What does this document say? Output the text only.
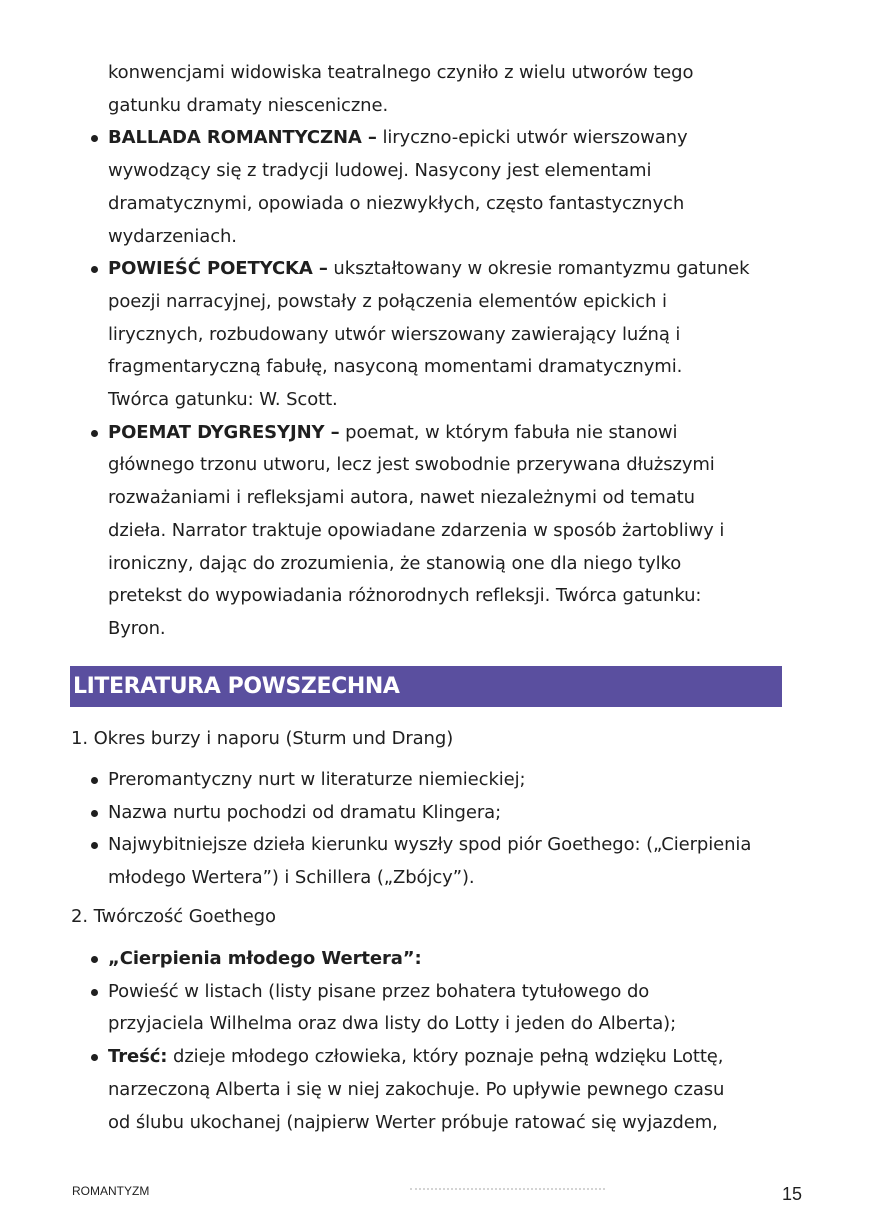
konwencjami widowiska teatralnego czyniło z wielu utworów tego
gatunku dramaty niesceniczne.
BALLADA ROMANTYCZNA – liryczno-epicki utwór wierszowany
wywodzący się z tradycji ludowej. Nasycony jest elementami
dramatycznymi, opowiada o niezwykłych, często fantastycznych
wydarzeniach.
POWIEŚĆ POETYCKA – ukształtowany w okresie romantyzmu gatunek
poezji narracyjnej, powstały z połączenia elementów epickich i
lirycznych, rozbudowany utwór wierszowany zawierający luźną i
fragmentaryczną fabułę, nasyconą momentami dramatycznymi.
Twórca gatunku: W. Scott.
POEMAT DYGRESYJNY – poemat, w którym fabuła nie stanowi
głównego trzonu utworu, lecz jest swobodnie przerywana dłuższymi
rozważaniami i refleksjami autora, nawet niezależnymi od tematu
dzieła. Narrator traktuje opowiadane zdarzenia w sposób żartobliwy i
ironiczny, dając do zrozumienia, że stanowią one dla niego tylko
pretekst do wypowiadania różnorodnych refleksji. Twórca gatunku:
Byron.
LITERATURA POWSZECHNA
1. Okres burzy i naporu (Sturm und Drang)
Preromantyczny nurt w literaturze niemieckiej;
Nazwa nurtu pochodzi od dramatu Klingera;
Najwybitniejsze dzieła kierunku wyszły spod piór Goethego: („Cierpienia
młodego Wertera”) i Schillera („Zbójcy”).
2. Twórczość Goethego
„Cierpienia młodego Wertera”:
Powieść w listach (listy pisane przez bohatera tytułowego do
przyjaciela Wilhelma oraz dwa listy do Lotty i jeden do Alberta);
Treść: dzieje młodego człowieka, który poznaje pełną wdzięku Lottę,
narzeczoną Alberta i się w niej zakochuje. Po upływie pewnego czasu
od ślubu ukochanej (najpierw Werter próbuje ratować się wyjazdem,
ROMANTYZM	15
